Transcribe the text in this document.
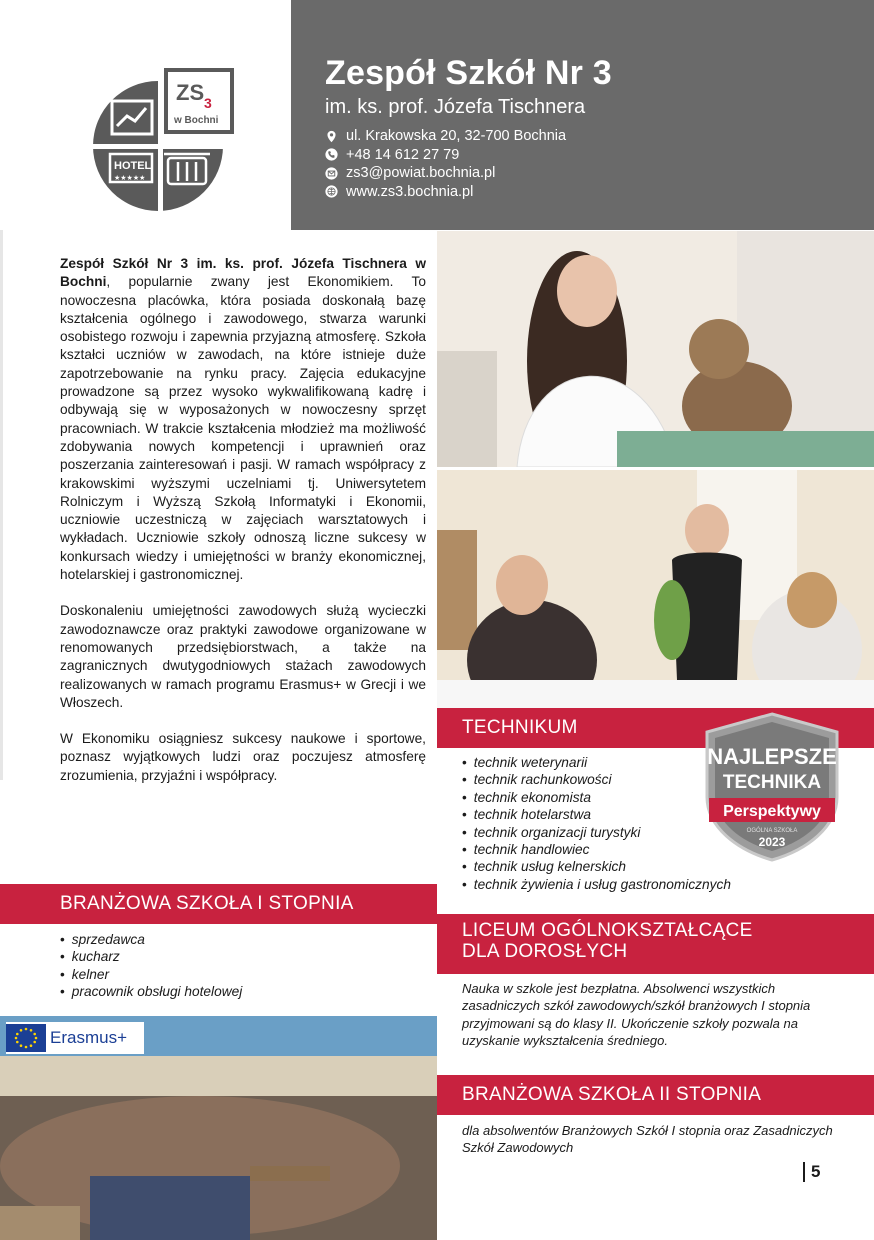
Zespół Szkół Nr 3
im. ks. prof. Józefa Tischnera
ul. Krakowska 20, 32-700 Bochnia
+48 14 612 27 79
zs3@powiat.bochnia.pl
www.zs3.bochnia.pl
ZS 3
w Bochni
HOTEL
★★★★★

Zespół Szkół Nr 3 im. ks. prof. Józefa Tischnera w Bochni, popularnie zwany jest Ekonomikiem. To nowoczesna placówka, która posiada doskonałą bazę kształcenia ogólnego i zawodowego, stwarza warunki osobistego rozwoju i zapewnia przyjazną atmosferę. Szkoła kształci uczniów w zawodach, na które istnieje duże zapotrzebowanie na rynku pracy. Zajęcia edukacyjne prowadzone są przez wysoko wykwalifikowaną kadrę i odbywają się w wyposażonych w nowoczesny sprzęt pracowniach. W trakcie kształcenia młodzież ma możliwość zdobywania nowych kompetencji i uprawnień oraz poszerzania zainteresowań i pasji. W ramach współpracy z krakowskimi wyższymi uczelniami tj. Uniwersytetem Rolniczym i Wyższą Szkołą Informatyki i Ekonomii, uczniowie uczestniczą w zajęciach warsztatowych i wykładach. Uczniowie szkoły odnoszą liczne sukcesy w konkursach wiedzy i umiejętności w branży ekonomicznej, hotelarskiej i gastronomicznej.

Doskonaleniu umiejętności zawodowych służą wycieczki zawodoznawcze oraz praktyki zawodowe organizowane w renomowanych przedsiębiorstwach, a także na zagranicznych dwutygodniowych stażach zawodowych realizowanych w ramach programu Erasmus+ w Grecji i we Włoszech.

W Ekonomiku osiągniesz sukcesy naukowe i sportowe, poznasz wyjątkowych ludzi oraz poczujesz atmosferę zrozumienia, przyjaźni i współpracy.

TECHNIKUM
• technik weterynarii
• technik rachunkowości
• technik ekonomista
• technik hotelarstwa
• technik organizacji turystyki
• technik handlowiec
• technik usług kelnerskich
• technik żywienia i usług gastronomicznych
NAJLEPSZE
TECHNIKA
Perspektywy
OGÓLNA SZKOŁA
2023
BRANŻOWA SZKOŁA I STOPNIA
• sprzedawca
• kucharz
• kelner
• pracownik obsługi hotelowej
LICEUM OGÓLNOKSZTAŁCĄCE
DLA DOROSŁYCH
Nauka w szkole jest bezpłatna. Absolwenci wszystkich zasadniczych szkół zawodowych/szkół branżowych I stopnia przyjmowani są do klasy II. Ukończenie szkoły pozwala na uzyskanie wykształcenia średniego.
BRANŻOWA SZKOŁA II STOPNIA
dla absolwentów Branżowych Szkół I stopnia oraz Zasadniczych Szkół Zawodowych
Erasmus+
5
